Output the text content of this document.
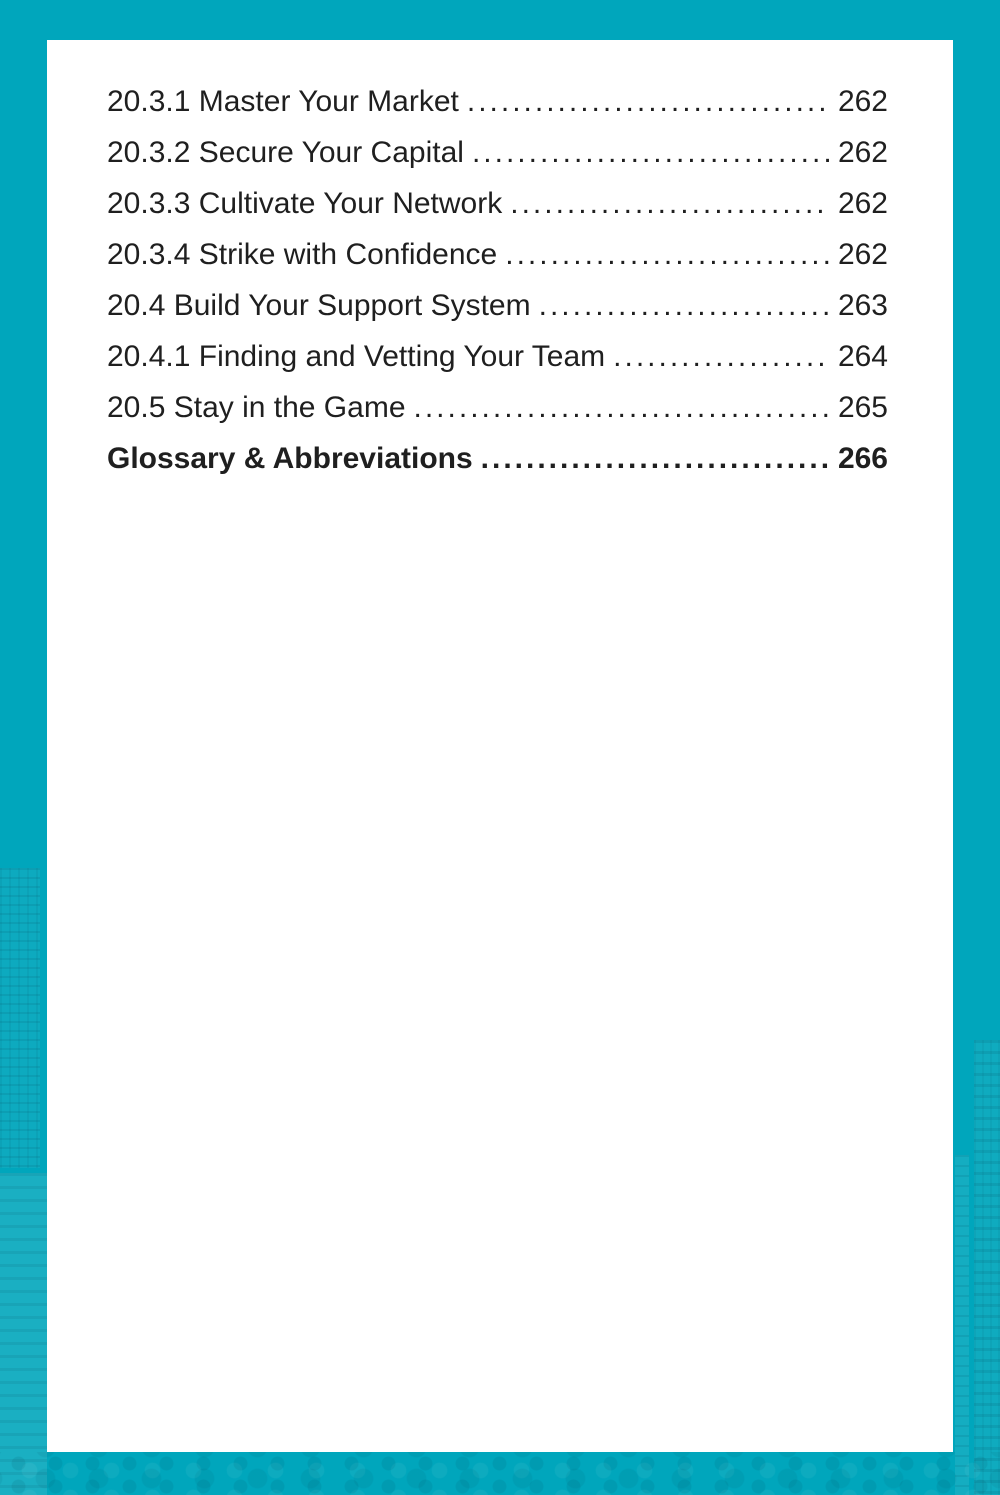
20.3.1 Master Your Market .....	262
20.3.2 Secure Your Capital .....	262
20.3.3 Cultivate Your Network .....	262
20.3.4 Strike with Confidence .....	262
20.4 Build Your Support System .....	263
20.4.1 Finding and Vetting Your Team .....	264
20.5 Stay in the Game .....	265
Glossary & Abbreviations .....	266
